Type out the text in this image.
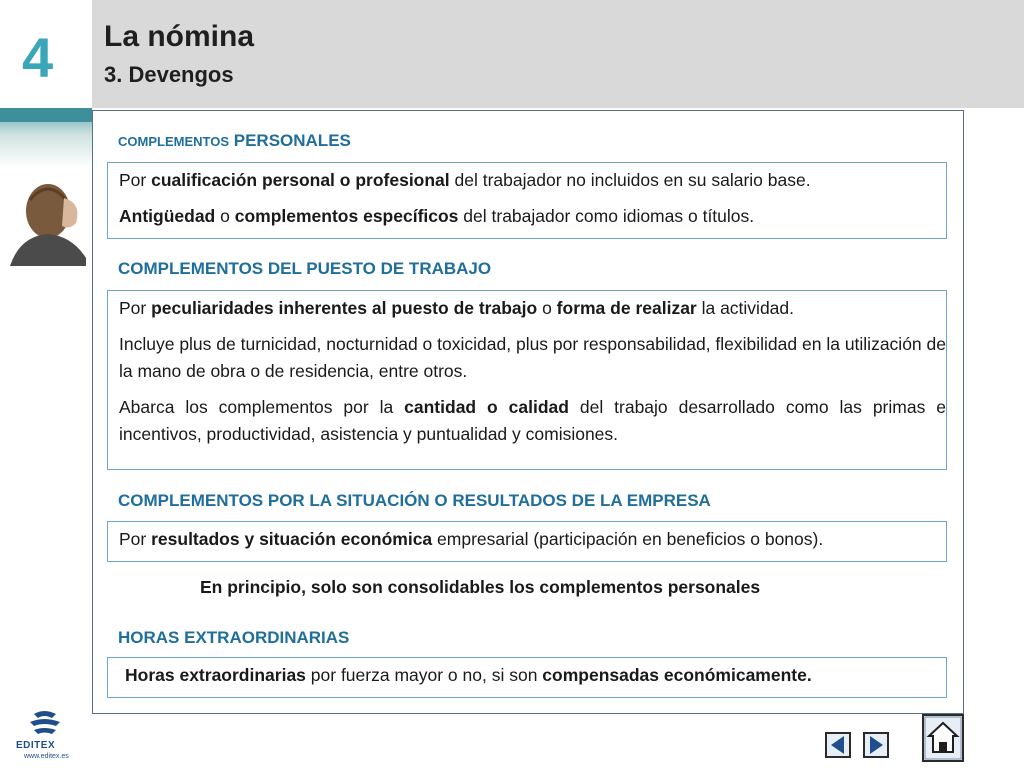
4 La nómina
3. Devengos
COMPLEMENTOS PERSONALES

Por cualificación personal o profesional del trabajador no incluidos en su salario base.

Antigüedad o complementos específicos del trabajador como idiomas o títulos.

COMPLEMENTOS DEL PUESTO DE TRABAJO

Por peculiaridades inherentes al puesto de trabajo o forma de realizar la actividad.

Incluye plus de turnicidad, nocturnidad o toxicidad, plus por responsabilidad, flexibilidad en la utilización de la mano de obra o de residencia, entre otros.

Abarca los complementos por la cantidad o calidad del trabajo desarrollado como las primas e incentivos, productividad, asistencia y puntualidad y comisiones.

COMPLEMENTOS POR LA SITUACIÓN O RESULTADOS DE LA EMPRESA

Por resultados y situación económica empresarial (participación en beneficios o bonos).

En principio, solo son consolidables los complementos personales
HORAS EXTRAORDINARIAS

Horas extraordinarias por fuerza mayor o no, si son compensadas económicamente.

EDITEX
www.editex.es
